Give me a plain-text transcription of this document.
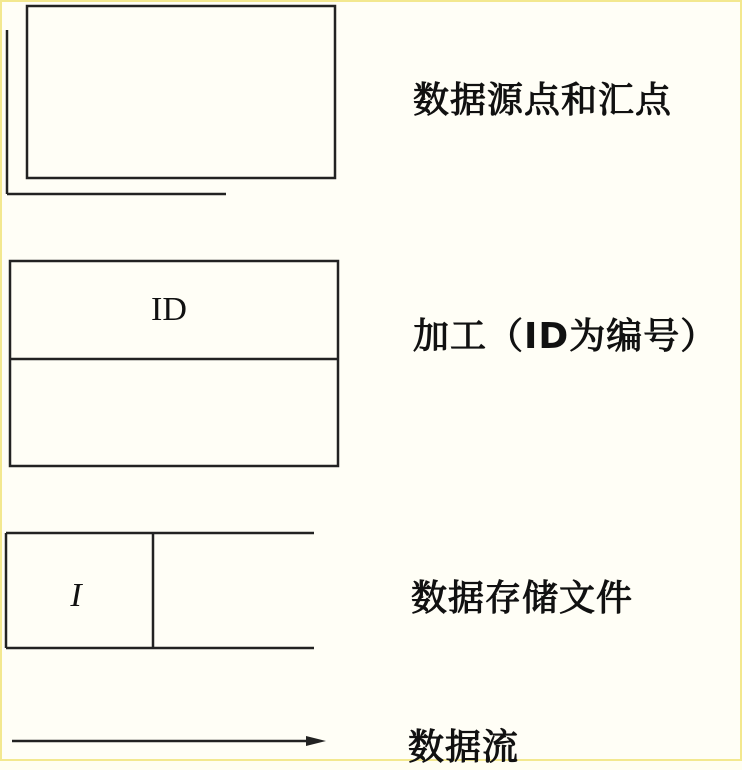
ID
I
数据源点和汇点
加工（ID为编号）
数据存储文件
数据流
